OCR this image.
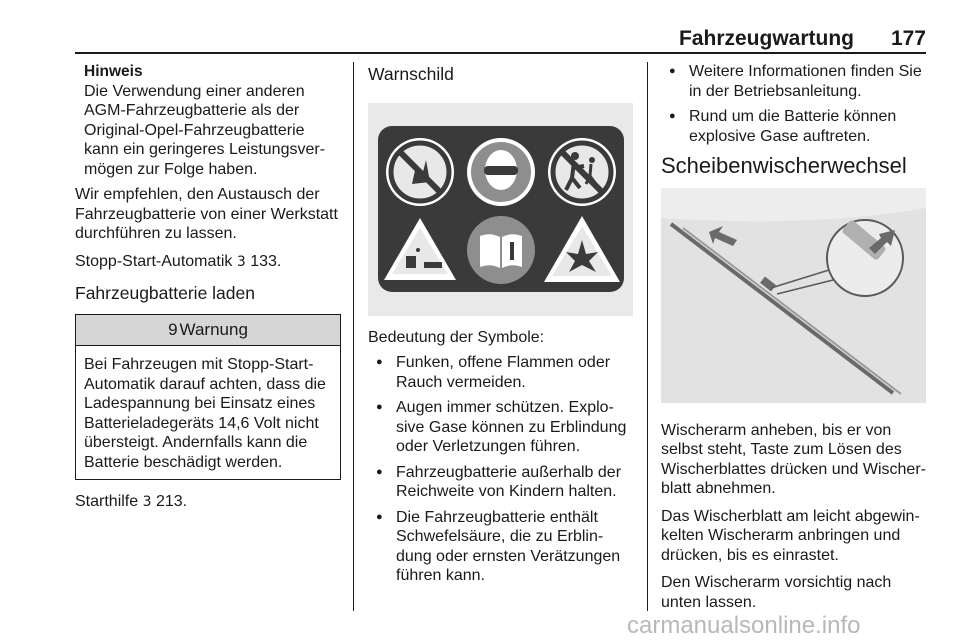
Fahrzeugwartung 177
Hinweis
Die Verwendung einer anderen AGM-Fahrzeugbatterie als der Original-Opel-Fahrzeugbatterie kann ein geringeres Leistungsvermögen zur Folge haben.

Wir empfehlen, den Austausch der Fahrzeugbatterie von einer Werkstatt durchführen zu lassen.

Stopp-Start-Automatik 3 133.

Fahrzeugbatterie laden
9 Warnung
Bei Fahrzeugen mit Stopp-Start-Automatik darauf achten, dass die Ladespannung bei Einsatz eines Batterieladegeräts 14,6 Volt nicht übersteigt. Andernfalls kann die Batterie beschädigt werden.

Starthilfe 3 213.

Warnschild

Bedeutung der Symbole:

● Funken, offene Flammen oder Rauch vermeiden.
● Augen immer schützen. Explosive Gase können zu Erblindung oder Verletzungen führen.
● Fahrzeugbatterie außerhalb der Reichweite von Kindern halten.
● Die Fahrzeugbatterie enthält Schwefelsäure, die zu Erblindung oder ernsten Verätzungen führen kann.
● Weitere Informationen finden Sie in der Betriebsanleitung.
● Rund um die Batterie können explosive Gase auftreten.
Scheibenwischerwechsel

Wischerarm anheben, bis er von selbst steht, Taste zum Lösen des Wischerblattes drücken und Wischerblatt abnehmen.

Das Wischerblatt am leicht abgewinkelten Wischerarm anbringen und drücken, bis es einrastet.

Den Wischerarm vorsichtig nach unten lassen.

carmanualsonline.info
